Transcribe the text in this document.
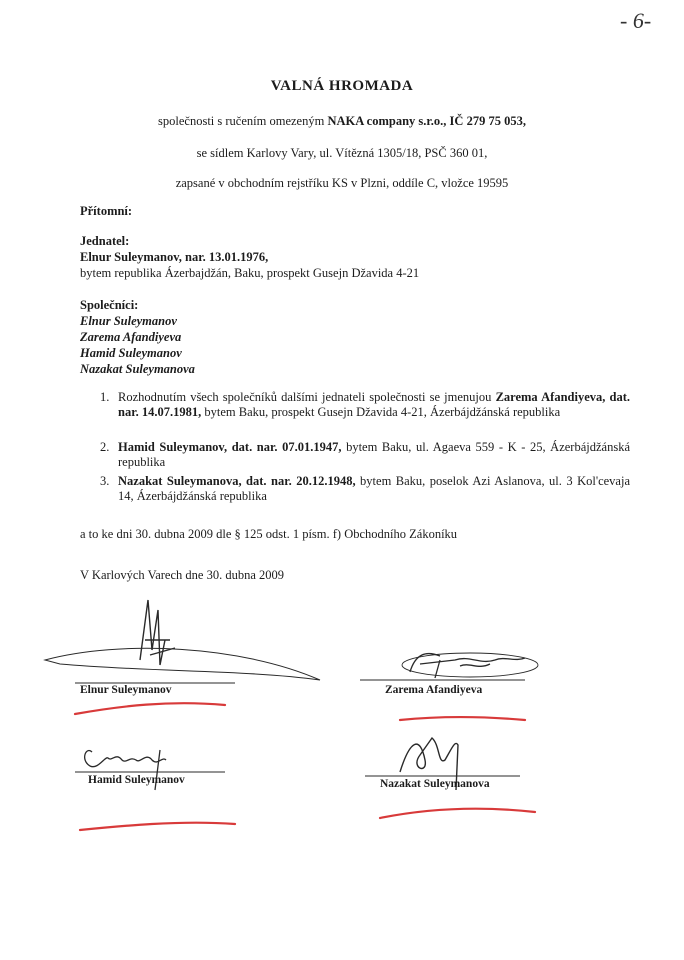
- 6-
VALNÁ HROMADA
společnosti s ručením omezeným NAKA company s.r.o., IČ 279 75 053,
se sídlem Karlovy Vary, ul. Vítězná 1305/18, PSČ 360 01,
zapsané v obchodním rejstříku KS v Plzni, oddíle C, vložce 19595
Přítomní:
Jednatel:
Elnur Suleymanov, nar. 13.01.1976,
bytem republika Ázerbajdžán, Baku, prospekt Gusejn Džavida 4-21
Společníci:
Elnur Suleymanov
Zarema Afandiyeva
Hamid Suleymanov
Nazakat Suleymanova
1. Rozhodnutím všech společníků dalšími jednateli společnosti se jmenujou Zarema Afandiyeva, dat. nar. 14.07.1981, bytem Baku, prospekt Gusejn Džavida 4-21, Ázerbájdžánská republika
2. Hamid Suleymanov, dat. nar. 07.01.1947, bytem Baku, ul. Agaeva 559 - K - 25, Ázerbájdžánská republika
3. Nazakat Suleymanova, dat. nar. 20.12.1948, bytem Baku, poselok Azi Aslanova, ul. 3 Kol'cevaja 14, Ázerbájdžánská republika
a to ke dni 30. dubna 2009 dle § 125 odst. 1 písm. f) Obchodního Zákoníku
V Karlových Varech dne 30. dubna 2009
Elnur Suleymanov	Zarema Afandiyeva
Hamid Suleymanov	Nazakat Suleymanova
